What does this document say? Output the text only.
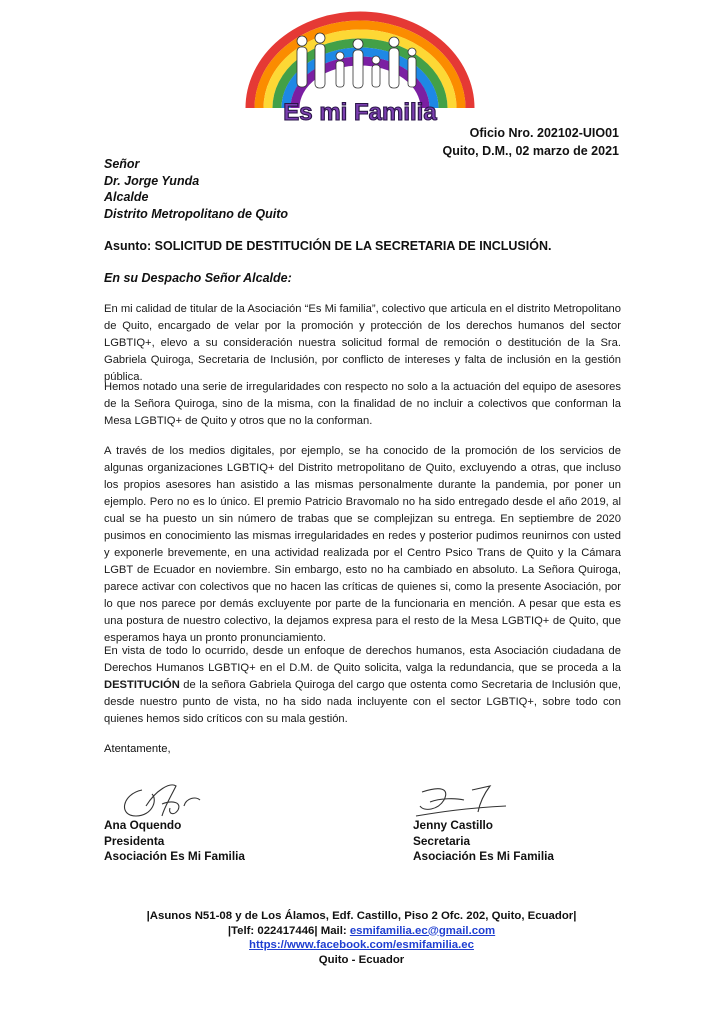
Es mi Familia
Oficio Nro. 202102-UIO01
Quito, D.M., 02 marzo de 2021
Señor
Dr. Jorge Yunda
Alcalde
Distrito Metropolitano de Quito
Asunto: SOLICITUD DE DESTITUCIÓN DE LA SECRETARIA DE INCLUSIÓN.
En su Despacho Señor Alcalde:
En mi calidad de titular de la Asociación “Es Mi familia”, colectivo que articula en el distrito Metropolitano de Quito, encargado de velar por la promoción y protección de los derechos humanos del sector LGBTIQ+, elevo a su consideración nuestra solicitud formal de remoción o destitución de la Sra. Gabriela Quiroga, Secretaria de Inclusión, por conflicto de intereses y falta de inclusión en la gestión pública.
Hemos notado una serie de irregularidades con respecto no solo a la actuación del equipo de asesores de la Señora Quiroga, sino de la misma, con la finalidad de no incluir a colectivos que conforman la Mesa LGBTIQ+ de Quito y otros que no la conforman.
A través de los medios digitales, por ejemplo, se ha conocido de la promoción de los servicios de algunas organizaciones LGBTIQ+ del Distrito metropolitano de Quito, excluyendo a otras, que incluso los propios asesores han asistido a las mismas personalmente durante la pandemia, por poner un ejemplo. Pero no es lo único. El premio Patricio Bravomalo no ha sido entregado desde el año 2019, al cual se ha puesto un sin número de trabas que se complejizan su entrega. En septiembre de 2020 pusimos en conocimiento las mismas irregularidades en redes y posterior pudimos reunirnos con usted y exponerle brevemente, en una actividad realizada por el Centro Psico Trans de Quito y la Cámara LGBT de Ecuador en noviembre. Sin embargo, esto no ha cambiado en absoluto. La Señora Quiroga, parece activar con colectivos que no hacen las críticas de quienes si, como la presente Asociación, por lo que nos parece por demás excluyente por parte de la funcionaria en mención. A pesar que esta es una postura de nuestro colectivo, la dejamos expresa para el resto de la Mesa LGBTIQ+ de Quito, que esperamos haya un pronto pronunciamiento.
En vista de todo lo ocurrido, desde un enfoque de derechos humanos, esta Asociación ciudadana de Derechos Humanos LGBTIQ+ en el D.M. de Quito solicita, valga la redundancia, que se proceda a la DESTITUCIÓN de la señora Gabriela Quiroga del cargo que ostenta como Secretaria de Inclusión que, desde nuestro punto de vista, no ha sido nada incluyente con el sector LGBTIQ+, sobre todo con quienes hemos sido críticos con su mala gestión.
Atentamente,
Ana Oquendo
Presidenta
Asociación Es Mi Familia
Jenny Castillo
Secretaria
Asociación Es Mi Familia
|Asunos N51-08 y de Los Álamos, Edf. Castillo, Piso 2 Ofc. 202, Quito, Ecuador|
|Telf: 022417446| Mail: esmifamilia.ec@gmail.com
https://www.facebook.com/esmifamilia.ec
Quito - Ecuador
